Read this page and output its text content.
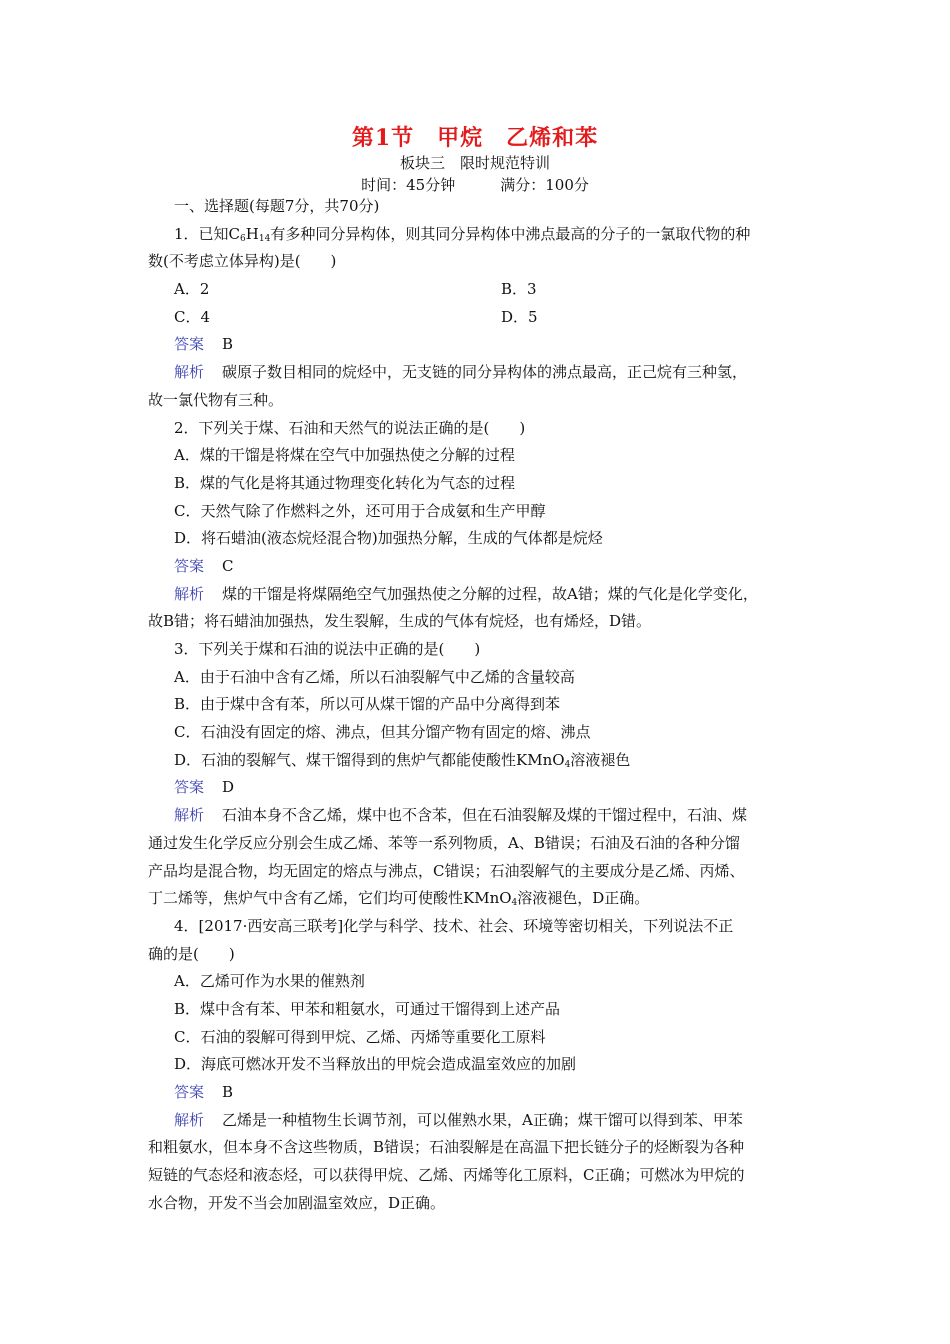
第1节　甲烷　乙烯和苯
板块三　限时规范特训
时间：45分钟　　　满分：100分
一、选择题(每题7分，共70分)
1．已知$C_6H_{14}$有多种同分异构体，则其同分异构体中沸点最高的分子的一氯取代物的种
数(不考虑立体异构)是(　　)
A．2	B．3
C．4	D．5
答案 B
解析 碳原子数目相同的烷烃中，无支链的同分异构体的沸点最高，正己烷有三种氢，
故一氯代物有三种。
2．下列关于煤、石油和天然气的说法正确的是(　　)
A．煤的干馏是将煤在空气中加强热使之分解的过程
B．煤的气化是将其通过物理变化转化为气态的过程
C．天然气除了作燃料之外，还可用于合成氨和生产甲醇
D．将石蜡油(液态烷烃混合物)加强热分解，生成的气体都是烷烃
答案 C
解析 煤的干馏是将煤隔绝空气加强热使之分解的过程，故A错；煤的气化是化学变化，
故B错；将石蜡油加强热，发生裂解，生成的气体有烷烃，也有烯烃，D错。
3．下列关于煤和石油的说法中正确的是(　　)
A．由于石油中含有乙烯，所以石油裂解气中乙烯的含量较高
B．由于煤中含有苯，所以可从煤干馏的产品中分离得到苯
C．石油没有固定的熔、沸点，但其分馏产物有固定的熔、沸点
D．石油的裂解气、煤干馏得到的焦炉气都能使酸性KMnO$_4$溶液褪色
答案 D
解析 石油本身不含乙烯，煤中也不含苯，但在石油裂解及煤的干馏过程中，石油、煤
通过发生化学反应分别会生成乙烯、苯等一系列物质，A、B错误；石油及石油的各种分馏
产品均是混合物，均无固定的熔点与沸点，C错误；石油裂解气的主要成分是乙烯、丙烯、
丁二烯等，焦炉气中含有乙烯，它们均可使酸性KMnO$_4$溶液褪色，D正确。
4．[2017·西安高三联考]化学与科学、技术、社会、环境等密切相关，下列说法不正
确的是(　　)
A．乙烯可作为水果的催熟剂
B．煤中含有苯、甲苯和粗氨水，可通过干馏得到上述产品
C．石油的裂解可得到甲烷、乙烯、丙烯等重要化工原料
D．海底可燃冰开发不当释放出的甲烷会造成温室效应的加剧
答案 B
解析 乙烯是一种植物生长调节剂，可以催熟水果，A正确；煤干馏可以得到苯、甲苯
和粗氨水，但本身不含这些物质，B错误；石油裂解是在高温下把长链分子的烃断裂为各种
短链的气态烃和液态烃，可以获得甲烷、乙烯、丙烯等化工原料，C正确；可燃冰为甲烷的
水合物，开发不当会加剧温室效应，D正确。
